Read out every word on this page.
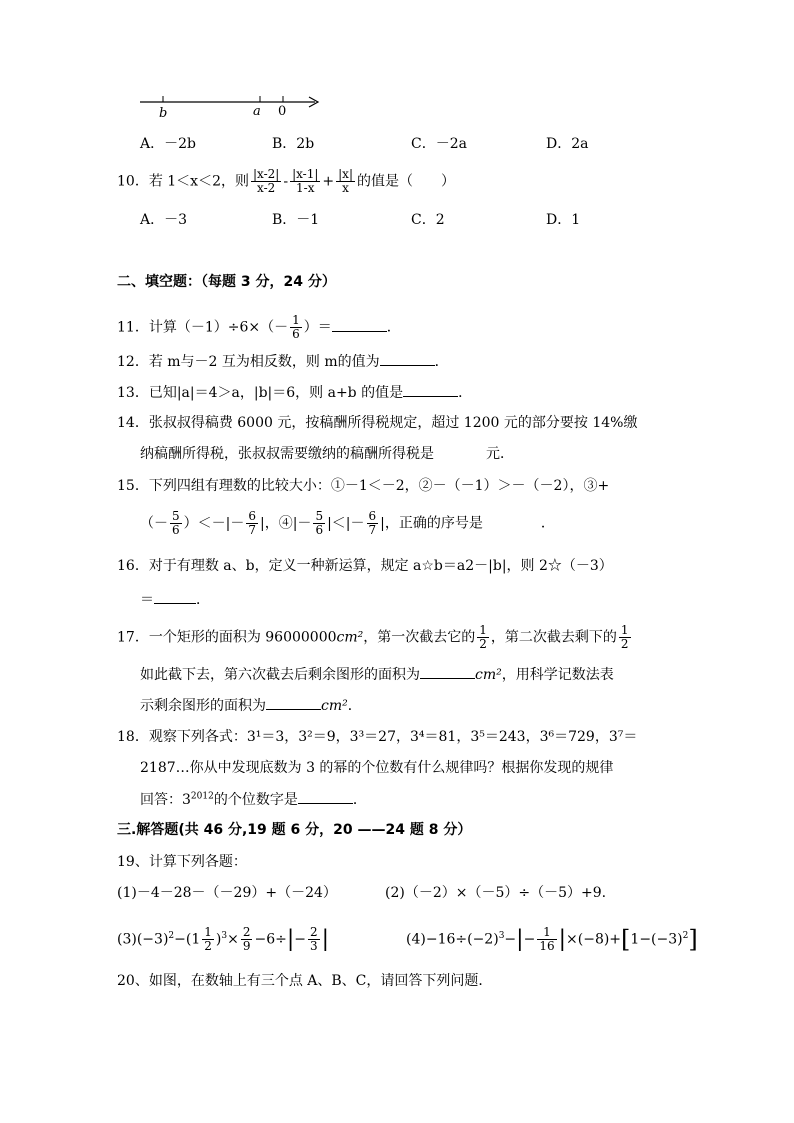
b	a 0
A．－2b	B．2b	C．－2a	D．2a
10．若 1＜x＜2，则 $\frac{|x-2|}{x-2} - \frac{|x-1|}{1-x} + \frac{|x|}{x}$ 的值是（　　）
A．－3	B．－1	C．2	D．1
二、填空题：（每题 3 分，24 分）
11．计算$(-1)\div 6\times(- \frac{1}{6}$ ）＝	．
12．若 m与－2 互为相反数，则 m的值为	．
13．已知|a|＝4＞a，|b|＝6，则 a+b 的值是	．
14．张叔叔得稿费 6000 元，按稿酬所得税规定，超过 1200 元的部分要按 14%缴
纳稿酬所得税，张叔叔需要缴纳的稿酬所得税是	元．
15．下列四组有理数的比较大小：①－1＜－2，②－（－1）＞－（－2），③+
（－ $\frac{5}{6}$ ）＜－|－ $\frac{6}{7}$ |，④|－ $\frac{5}{6}$ |＜|－ $\frac{6}{7}$ |，正确的序号是	．
16．对于有理数 a、b，定义一种新运算，规定 a☆b＝a2－|b|，则 2☆（－3）
＝	．
17．一个矩形的面积为 96000000cm²，第一次截去它的 $\frac{1}{2}$ ，第二次截去剩下的 $\frac{1}{2}$
如此截下去，第六次截去后剩余图形的面积为	cm²，用科学记数法表
示剩余图形的面积为	cm²．
18．观察下列各式：3¹＝3，3²＝9，3³＝27，3⁴＝81，3⁵＝243，3⁶＝729，3⁷＝
2187…你从中发现底数为 3 的幂的个位数有什么规律吗？根据你发现的规律
回答：$3^{2012}$的个位数字是	．
三.解答题(共 46 分,19 题 6 分，20 ——24 题 8 分）
19、计算下列各题：
(1)－4－28－（－29）+（－24）	(2)（－2）×（－5）÷（－5）+9.
$(3)(-3)^2-(1 \frac{1}{2} )^3\times \frac{2}{9} -6\div|- \frac{2}{3}$ |	$(4)-16\div(-2)^3-|- \frac{1}{16} |\times(-8)+[1-(-3)^2]$
20、如图，在数轴上有三个点 A、B、C，请回答下列问题．
